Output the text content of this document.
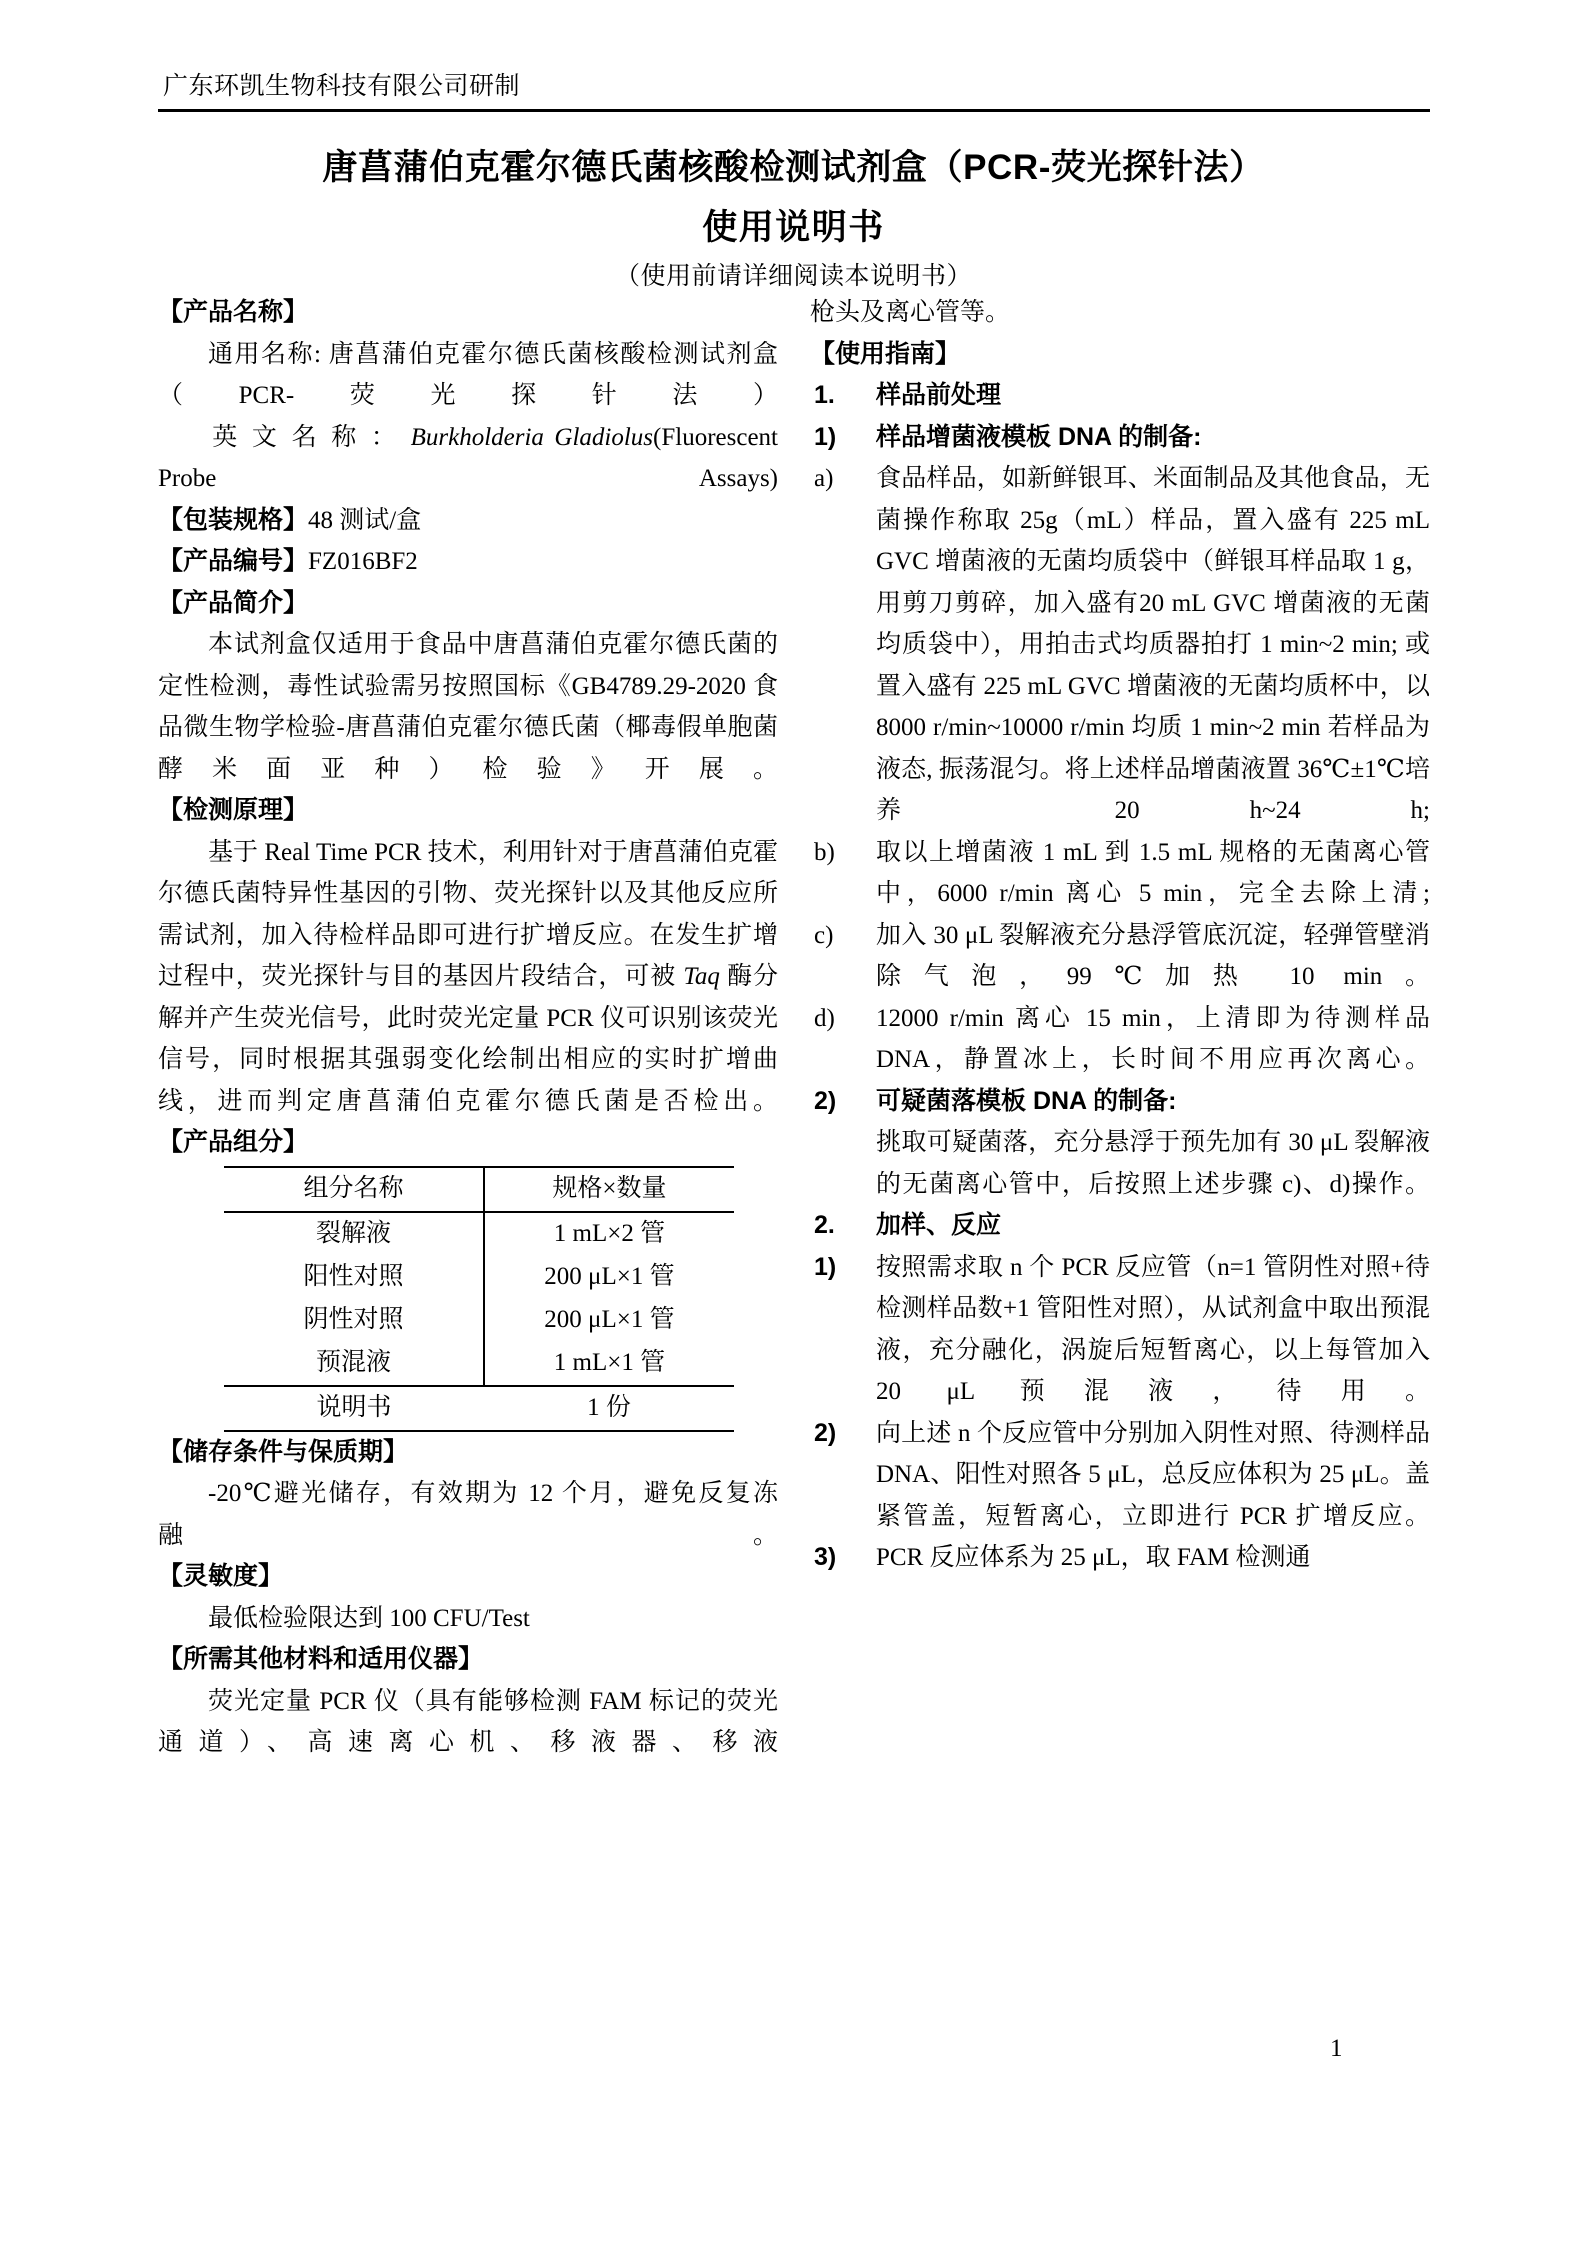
广东环凯生物科技有限公司研制
唐菖蒲伯克霍尔德氏菌核酸检测试剂盒（PCR-荧光探针法）
使用说明书
（使用前请详细阅读本说明书）
【产品名称】

通用名称: 唐菖蒲伯克霍尔德氏菌核酸检测试剂盒（PCR-荧光探针法）

英 文 名 称 ： Burkholderia Gladiolus(Fluorescent Probe Assays)

【包装规格】48 测试/盒

【产品编号】FZ016BF2

【产品简介】

本试剂盒仅适用于食品中唐菖蒲伯克霍尔德氏菌的定性检测，毒性试验需另按照国标《GB4789.29-2020 食品微生物学检验-唐菖蒲伯克霍尔德氏菌（椰毒假单胞菌酵米面亚种）检验》开展。

【检测原理】

基于 Real Time PCR 技术，利用针对于唐菖蒲伯克霍尔德氏菌特异性基因的引物、荧光探针以及其他反应所需试剂，加入待检样品即可进行扩增反应。在发生扩增过程中，荧光探针与目的基因片段结合，可被 Taq 酶分解并产生荧光信号，此时荧光定量 PCR 仪可识别该荧光信号，同时根据其强弱变化绘制出相应的实时扩增曲线，进而判定唐菖蒲伯克霍尔德氏菌是否检出。

【产品组分】
组分名称	规格×数量
裂解液	1 mL×2 管
阳性对照	200 μL×1 管
阴性对照	200 μL×1 管
预混液	1 mL×1 管
说明书	1 份
【储存条件与保质期】

-20℃避光储存，有效期为 12 个月，避免反复冻融。

【灵敏度】

最低检验限达到 100 CFU/Test

【所需其他材料和适用仪器】

荧光定量 PCR 仪（具有能够检测 FAM 标记的荧光通道）、高速离心机、移液器、移液

枪头及离心管等。

【使用指南】
1.	样品前处理
1)	样品增菌液模板 DNA 的制备:
a)	食品样品，如新鲜银耳、米面制品及其他食品，无菌操作称取 25g（mL）样品，置入盛有 225 mL GVC 增菌液的无菌均质袋中（鲜银耳样品取 1 g，用剪刀剪碎，加入盛有20 mL GVC 增菌液的无菌均质袋中），用拍击式均质器拍打 1 min~2 min; 或置入盛有 225 mL GVC 增菌液的无菌均质杯中，以 8000 r/min~10000 r/min 均质 1 min~2 min 若样品为液态, 振荡混匀。将上述样品增菌液置 36℃±1℃培养 20 h~24 h;
b)	取以上增菌液 1 mL 到 1.5 mL 规格的无菌离心管中，6000 r/min 离心 5 min，完全去除上清;
c)	加入 30 μL 裂解液充分悬浮管底沉淀，轻弹管壁消除气泡，99℃加热 10 min。
d)	12000 r/min 离心 15 min，上清即为待测样品 DNA，静置冰上，长时间不用应再次离心。
2)	可疑菌落模板 DNA 的制备:
挑取可疑菌落，充分悬浮于预先加有 30 μL 裂解液的无菌离心管中，后按照上述步骤 c)、d)操作。
2.	加样、反应
1)	按照需求取 n 个 PCR 反应管（n=1 管阴性对照+待检测样品数+1 管阳性对照），从试剂盒中取出预混液，充分融化，涡旋后短暂离心，以上每管加入 20 μL 预混液，待用。
2)	向上述 n 个反应管中分别加入阴性对照、待测样品 DNA、阳性对照各 5 μL，总反应体积为 25 μL。盖紧管盖，短暂离心，立即进行 PCR 扩增反应。
3)	PCR 反应体系为 25 μL，取 FAM 检测通
1
